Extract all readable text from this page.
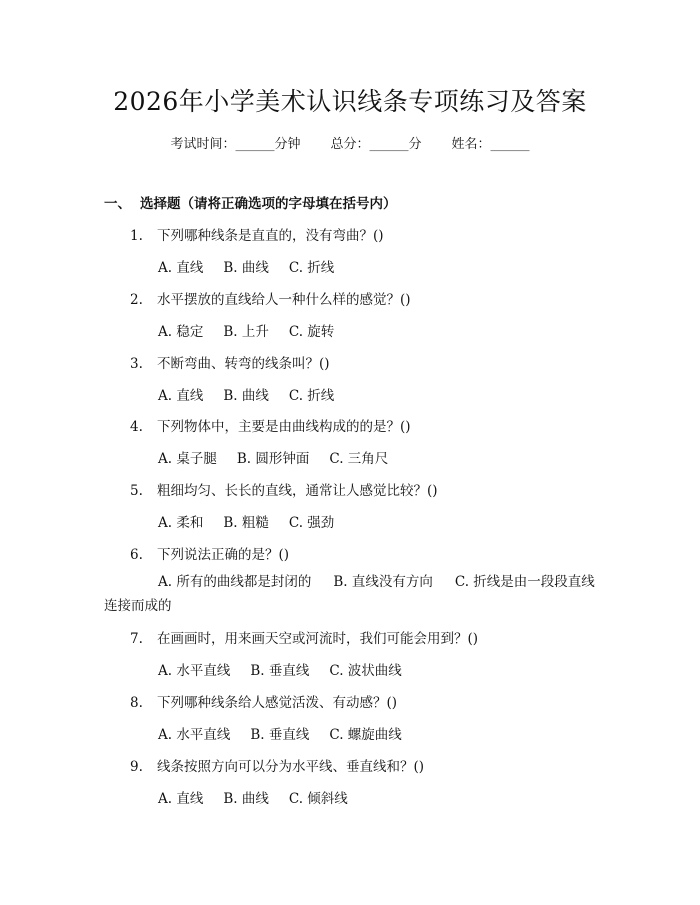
2026年小学美术认识线条专项练习及答案
考试时间：______分钟 总分：______分 姓名：______
一、 选择题（请将正确选项的字母填在括号内）
1. 下列哪种线条是直直的，没有弯曲？()
A. 直线 B. 曲线 C. 折线
2. 水平摆放的直线给人一种什么样的感觉？()
A. 稳定 B. 上升 C. 旋转
3. 不断弯曲、转弯的线条叫？()
A. 直线 B. 曲线 C. 折线
4. 下列物体中，主要是由曲线构成的的是？()
A. 桌子腿 B. 圆形钟面 C. 三角尺
5. 粗细均匀、长长的直线，通常让人感觉比较？()
A. 柔和 B. 粗糙 C. 强劲
6. 下列说法正确的是？()
A. 所有的曲线都是封闭的 B. 直线没有方向 C. 折线是由一段段直线连接而成的
7. 在画画时，用来画天空或河流时，我们可能会用到？()
A. 水平直线 B. 垂直线 C. 波状曲线
8. 下列哪种线条给人感觉活泼、有动感？()
A. 水平直线 B. 垂直线 C. 螺旋曲线
9. 线条按照方向可以分为水平线、垂直线和？()
A. 直线 B. 曲线 C. 倾斜线
